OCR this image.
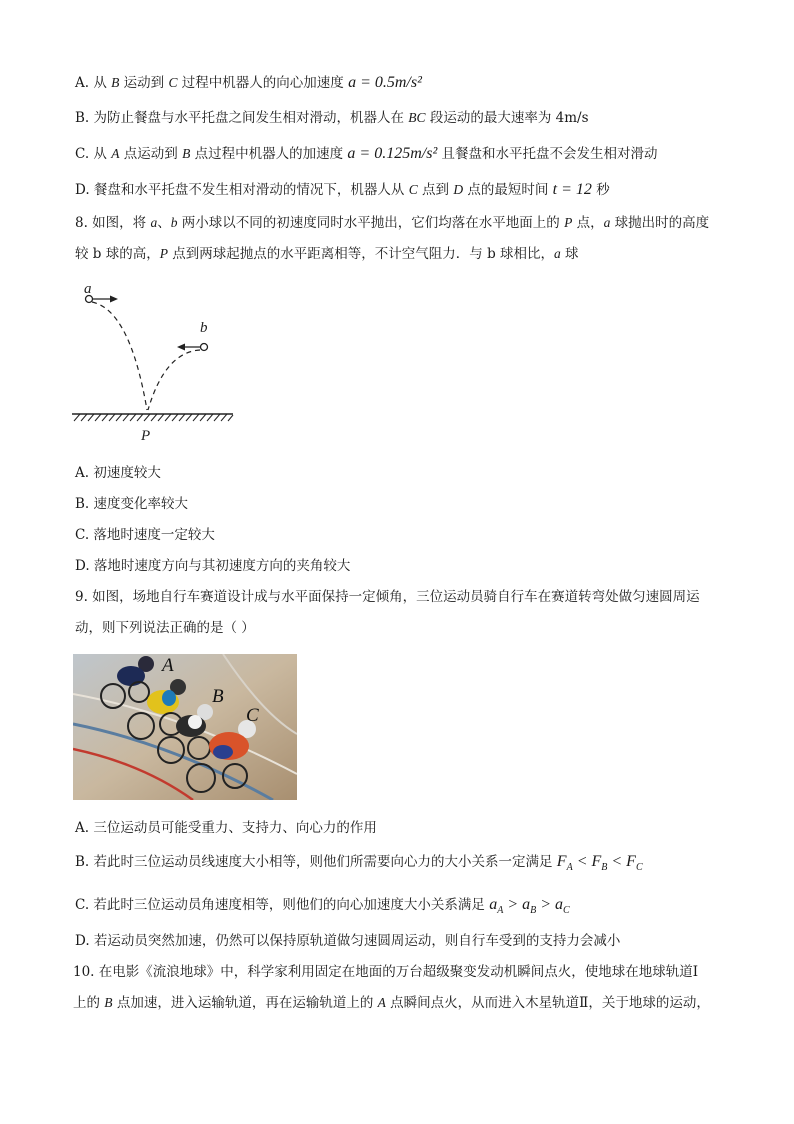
A. 从 B 运动到 C 过程中机器人的向心加速度 a = 0.5m/s²
B. 为防止餐盘与水平托盘之间发生相对滑动，机器人在 BC 段运动的最大速率为 4m/s
C. 从 A 点运动到 B 点过程中机器人的加速度 a = 0.125m/s² 且餐盘和水平托盘不会发生相对滑动
D. 餐盘和水平托盘不发生相对滑动的情况下，机器人从 C 点到 D 点的最短时间 t = 12 秒
8. 如图，将 a、b 两小球以不同的初速度同时水平抛出，它们均落在水平地面上的 P 点，a 球抛出时的高度
较 b 球的高，P 点到两球起抛点的水平距离相等，不计空气阻力．与 b 球相比，a 球
a
b
P
A. 初速度较大
B. 速度变化率较大
C. 落地时速度一定较大
D. 落地时速度方向与其初速度方向的夹角较大
9. 如图，场地自行车赛道设计成与水平面保持一定倾角，三位运动员骑自行车在赛道转弯处做匀速圆周运
动，则下列说法正确的是（ ）
A
B
C
A. 三位运动员可能受重力、支持力、向心力的作用
B. 若此时三位运动员线速度大小相等，则他们所需要向心力的大小关系一定满足 $F_A < F_B < F_C$
C. 若此时三位运动员角速度相等，则他们的向心加速度大小关系满足 $a_A > a_B > a_C$
D. 若运动员突然加速，仍然可以保持原轨道做匀速圆周运动，则自行车受到的支持力会减小
10. 在电影《流浪地球》中，科学家利用固定在地面的万台超级聚变发动机瞬间点火，使地球在地球轨道Ⅰ
上的 B 点加速，进入运输轨道，再在运输轨道上的 A 点瞬间点火，从而进入木星轨道Ⅱ，关于地球的运动，
